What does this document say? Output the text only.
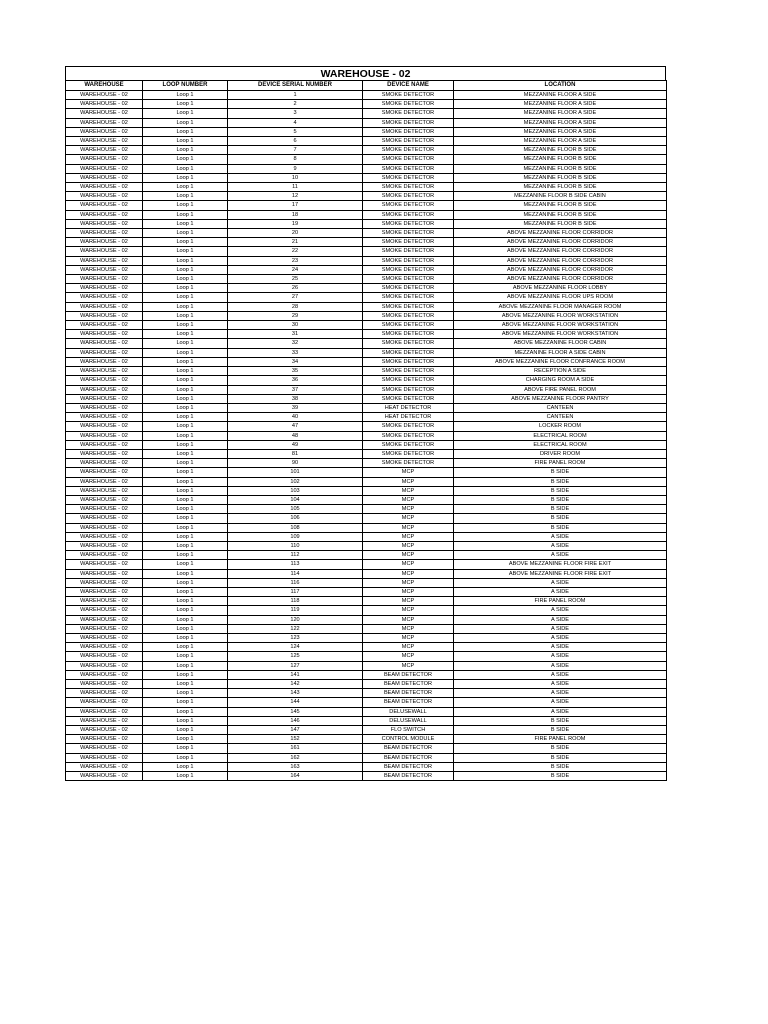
WAREHOUSE - 02
WAREHOUSE	LOOP NUMBER	DEVICE SERIAL NUMBER	DEVICE NAME	LOCATION
WAREHOUSE - 02	Loop 1	1	SMOKE DETECTOR	MEZZANINE FLOOR A SIDE
WAREHOUSE - 02	Loop 1	2	SMOKE DETECTOR	MEZZANINE FLOOR A SIDE
WAREHOUSE - 02	Loop 1	3	SMOKE DETECTOR	MEZZANINE FLOOR A SIDE
WAREHOUSE - 02	Loop 1	4	SMOKE DETECTOR	MEZZANINE FLOOR A SIDE
WAREHOUSE - 02	Loop 1	5	SMOKE DETECTOR	MEZZANINE FLOOR A SIDE
WAREHOUSE - 02	Loop 1	6	SMOKE DETECTOR	MEZZANINE FLOOR A SIDE
WAREHOUSE - 02	Loop 1	7	SMOKE DETECTOR	MEZZANINE FLOOR B SIDE
WAREHOUSE - 02	Loop 1	8	SMOKE DETECTOR	MEZZANINE FLOOR B SIDE
WAREHOUSE - 02	Loop 1	9	SMOKE DETECTOR	MEZZANINE FLOOR B SIDE
WAREHOUSE - 02	Loop 1	10	SMOKE DETECTOR	MEZZANINE FLOOR B SIDE
WAREHOUSE - 02	Loop 1	11	SMOKE DETECTOR	MEZZANINE FLOOR B SIDE
WAREHOUSE - 02	Loop 1	12	SMOKE DETECTOR	MEZZANINE FLOOR B SIDE CABIN
WAREHOUSE - 02	Loop 1	17	SMOKE DETECTOR	MEZZANINE FLOOR B SIDE
WAREHOUSE - 02	Loop 1	18	SMOKE DETECTOR	MEZZANINE FLOOR B SIDE
WAREHOUSE - 02	Loop 1	19	SMOKE DETECTOR	MEZZANINE FLOOR B SIDE
WAREHOUSE - 02	Loop 1	20	SMOKE DETECTOR	ABOVE MEZZANINE FLOOR CORRIDOR
WAREHOUSE - 02	Loop 1	21	SMOKE DETECTOR	ABOVE MEZZANINE FLOOR CORRIDOR
WAREHOUSE - 02	Loop 1	22	SMOKE DETECTOR	ABOVE MEZZANINE FLOOR CORRIDOR
WAREHOUSE - 02	Loop 1	23	SMOKE DETECTOR	ABOVE MEZZANINE FLOOR CORRIDOR
WAREHOUSE - 02	Loop 1	24	SMOKE DETECTOR	ABOVE MEZZANINE FLOOR CORRIDOR
WAREHOUSE - 02	Loop 1	25	SMOKE DETECTOR	ABOVE MEZZANINE FLOOR CORRIDOR
WAREHOUSE - 02	Loop 1	26	SMOKE DETECTOR	ABOVE MEZZANINE FLOOR LOBBY
WAREHOUSE - 02	Loop 1	27	SMOKE DETECTOR	ABOVE MEZZANINE FLOOR UPS ROOM
WAREHOUSE - 02	Loop 1	28	SMOKE DETECTOR	ABOVE MEZZANINE FLOOR MANAGER ROOM
WAREHOUSE - 02	Loop 1	29	SMOKE DETECTOR	ABOVE MEZZANINE FLOOR WORKSTATION
WAREHOUSE - 02	Loop 1	30	SMOKE DETECTOR	ABOVE MEZZANINE FLOOR WORKSTATION
WAREHOUSE - 02	Loop 1	31	SMOKE DETECTOR	ABOVE MEZZANINE FLOOR WORKSTATION
WAREHOUSE - 02	Loop 1	32	SMOKE DETECTOR	ABOVE MEZZANINE FLOOR CABIN
WAREHOUSE - 02	Loop 1	33	SMOKE DETECTOR	MEZZANINE FLOOR A SIDE CABIN
WAREHOUSE - 02	Loop 1	34	SMOKE DETECTOR	ABOVE MEZZANINE FLOOR CONFRANCE ROOM
WAREHOUSE - 02	Loop 1	35	SMOKE DETECTOR	RECEPTION A SIDE
WAREHOUSE - 02	Loop 1	36	SMOKE DETECTOR	CHARGING ROOM A SIDE
WAREHOUSE - 02	Loop 1	37	SMOKE DETECTOR	ABOVE FIRE PANEL ROOM
WAREHOUSE - 02	Loop 1	38	SMOKE DETECTOR	ABOVE MEZZANINE FLOOR PANTRY
WAREHOUSE - 02	Loop 1	39	HEAT DETECTOR	CANTEEN
WAREHOUSE - 02	Loop 1	40	HEAT DETECTOR	CANTEEN
WAREHOUSE - 02	Loop 1	47	SMOKE DETECTOR	LOCKER ROOM
WAREHOUSE - 02	Loop 1	48	SMOKE DETECTOR	ELECTRICAL ROOM
WAREHOUSE - 02	Loop 1	49	SMOKE DETECTOR	ELECTRICAL ROOM
WAREHOUSE - 02	Loop 1	81	SMOKE DETECTOR	DRIVER ROOM
WAREHOUSE - 02	Loop 1	90	SMOKE DETECTOR	FIRE PANEL ROOM
WAREHOUSE - 02	Loop 1	101	MCP	B SIDE
WAREHOUSE - 02	Loop 1	102	MCP	B SIDE
WAREHOUSE - 02	Loop 1	103	MCP	B SIDE
WAREHOUSE - 02	Loop 1	104	MCP	B SIDE
WAREHOUSE - 02	Loop 1	105	MCP	B SIDE
WAREHOUSE - 02	Loop 1	106	MCP	B SIDE
WAREHOUSE - 02	Loop 1	108	MCP	B SIDE
WAREHOUSE - 02	Loop 1	109	MCP	A SIDE
WAREHOUSE - 02	Loop 1	110	MCP	A SIDE
WAREHOUSE - 02	Loop 1	112	MCP	A SIDE
WAREHOUSE - 02	Loop 1	113	MCP	ABOVE MEZZANINE FLOOR FIRE EXIT
WAREHOUSE - 02	Loop 1	114	MCP	ABOVE MEZZANINE FLOOR FIRE EXIT
WAREHOUSE - 02	Loop 1	116	MCP	A SIDE
WAREHOUSE - 02	Loop 1	117	MCP	A SIDE
WAREHOUSE - 02	Loop 1	118	MCP	FIRE PANEL ROOM
WAREHOUSE - 02	Loop 1	119	MCP	A SIDE
WAREHOUSE - 02	Loop 1	120	MCP	A SIDE
WAREHOUSE - 02	Loop 1	122	MCP	A SIDE
WAREHOUSE - 02	Loop 1	123	MCP	A SIDE
WAREHOUSE - 02	Loop 1	124	MCP	A SIDE
WAREHOUSE - 02	Loop 1	125	MCP	A SIDE
WAREHOUSE - 02	Loop 1	127	MCP	A SIDE
WAREHOUSE - 02	Loop 1	141	BEAM DETECTOR	A SIDE
WAREHOUSE - 02	Loop 1	142	BEAM DETECTOR	A SIDE
WAREHOUSE - 02	Loop 1	143	BEAM DETECTOR	A SIDE
WAREHOUSE - 02	Loop 1	144	BEAM DETECTOR	A SIDE
WAREHOUSE - 02	Loop 1	145	DELUSEWALL	A SIDE
WAREHOUSE - 02	Loop 1	146	DELUSEWALL	B SIDE
WAREHOUSE - 02	Loop 1	147	FLO SWITCH	B SIDE
WAREHOUSE - 02	Loop 1	152	CONTROL MODULE	FIRE PANEL ROOM
WAREHOUSE - 02	Loop 1	161	BEAM DETECTOR	B SIDE
WAREHOUSE - 02	Loop 1	162	BEAM DETECTOR	B SIDE
WAREHOUSE - 02	Loop 1	163	BEAM DETECTOR	B SIDE
WAREHOUSE - 02	Loop 1	164	BEAM DETECTOR	B SIDE
